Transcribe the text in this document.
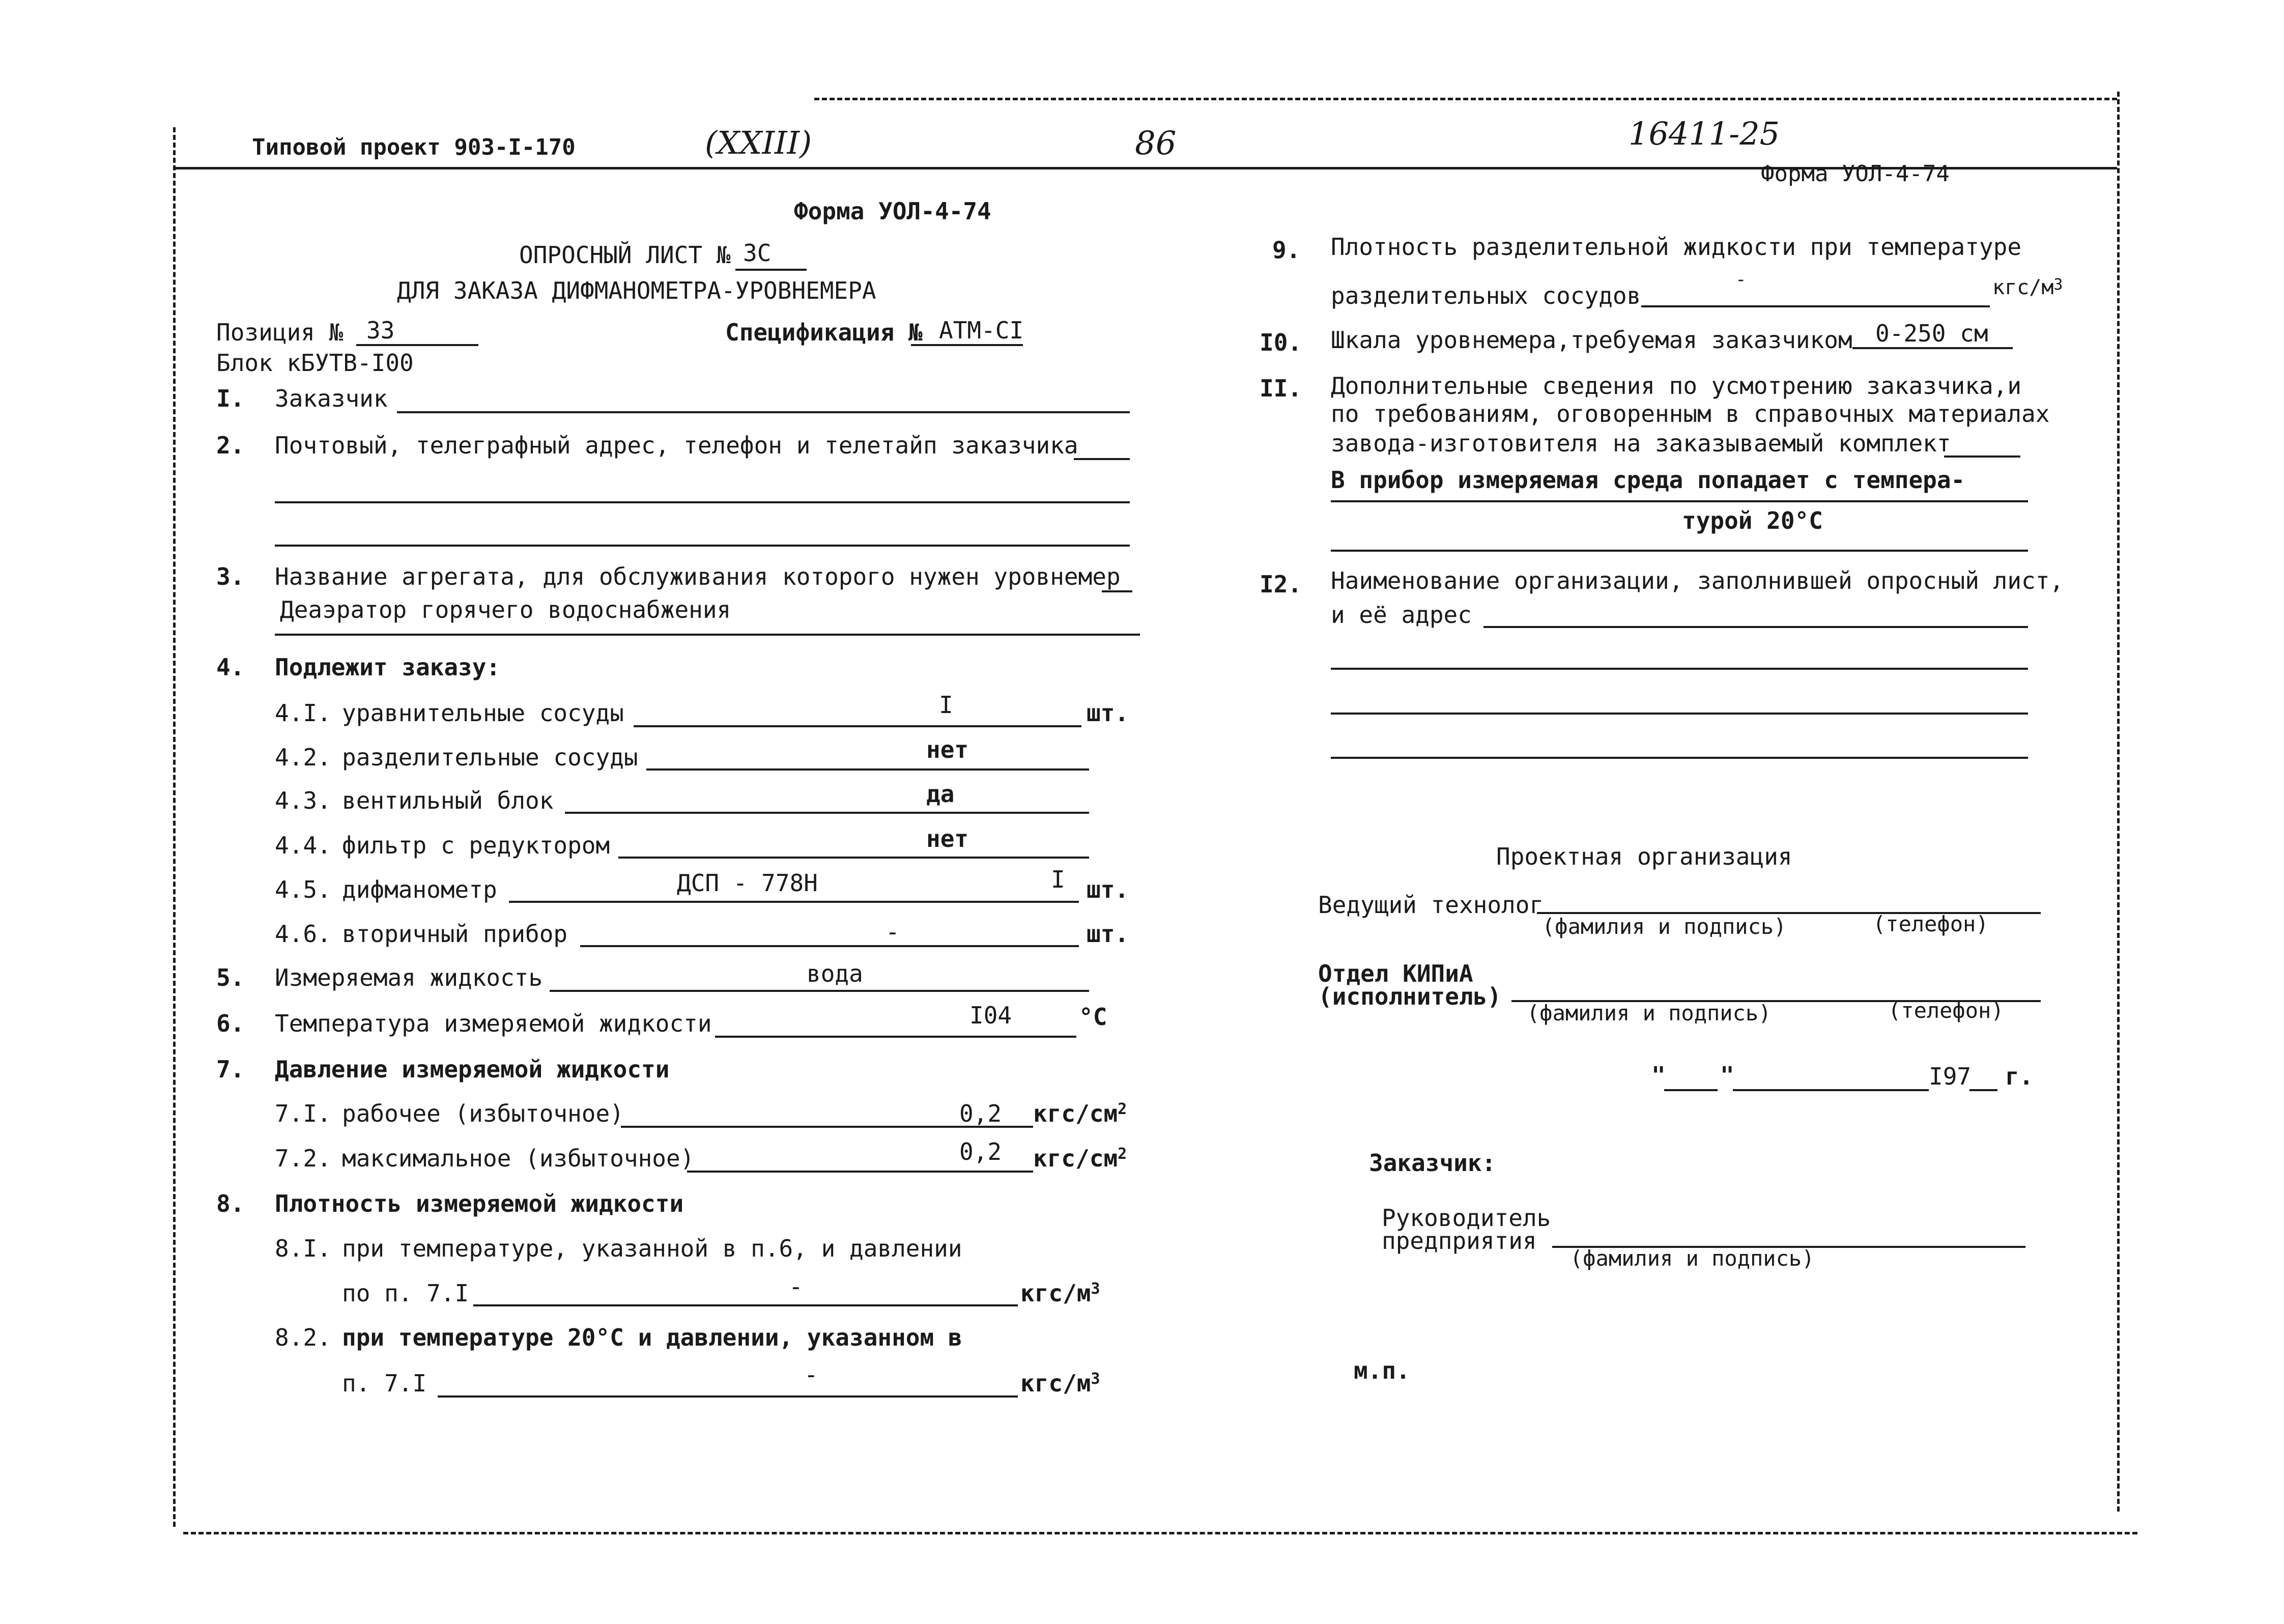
Типовой проект 903-I-170	(XXIII)	86	16411-25
Форма УОЛ-4-74
Форма УОЛ-4-74
ОПРОСНЫЙ ЛИСТ № 3С
ДЛЯ ЗАКАЗА ДИФМАНОМЕТРА-УРОВНЕМЕРА
Позиция № 33	Спецификация № АТМ-СI
Блок кБУТВ-I00
I. Заказчик
2. Почтовый, телеграфный адрес, телефон и телетайп заказчика
3. Название агрегата, для обслуживания которого нужен уровнемер
Деаэратор горячего водоснабжения
4. Подлежит заказу:
4.I. уравнительные сосуды	I	шт.
4.2. разделительные сосуды	нет
4.3. вентильный блок	да
4.4. фильтр с редуктором	нет
4.5. дифманометр	ДСП - 778Н	I шт.
4.6. вторичный прибор	-	шт.
5. Измеряемая жидкость	вода
6. Температура измеряемой жидкости	I04	°C
7. Давление измеряемой жидкости
7.I. рабочее (избыточное)	0,2 кгс/$см^2$
7.2. максимальное (избыточное)	0,2 кгс/$см^2$
8. Плотность измеряемой жидкости
8.I. при температуре, указанной в п.6, и давлении
по п. 7.I	-	кгс/$м^3$
8.2. при температуре 20°С и давлении, указанном в
п. 7.I	-	кгс/$м^3$
9. Плотность разделительной жидкости при температуре
разделительных сосудов
-	кгс/$м^3$
I0. Шкала уровнемера,требуемая заказчиком 0-250 см
II. Дополнительные сведения по усмотрению заказчика,и
по требованиям, оговоренным в справочных материалах
завода-изготовителя на заказываемый комплект
В прибор измеряемая среда попадает с темпера-
турой 20°С
I2. Наименование организации, заполнившей опросный лист,
и её адрес
Проектная организация
Ведущий технолог
(фамилия и подпись)	(телефон)
Отдел КИПиА
(исполнитель)
(фамилия и подпись)	(телефон)
" "	I97 г.
Заказчик:
Руководитель
предприятия
(фамилия и подпись)
м.п.
